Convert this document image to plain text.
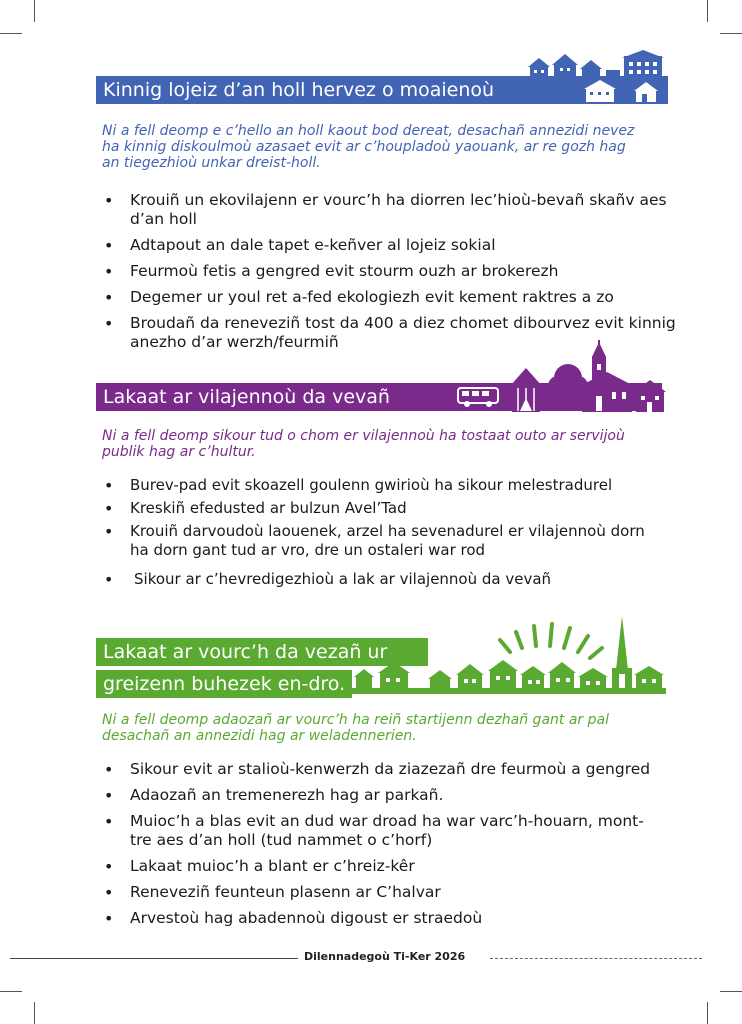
Kinnig lojeiz d’an holl hervez o moaienoù
Ni a fell deomp e c’hello an holl kaout bod dereat, desachañ annezidi nevez
ha kinnig diskoulmoù azasaet evit ar c’houpladoù yaouank, ar re gozh hag
an tiegezhioù unkar dreist-holl.
• Krouiñ un ekovilajenn er vourc’h ha diorren lec’hioù-bevañ skañv aes d’an holl
• Adtapout an dale tapet e-keñver al lojeiz sokial
• Feurmoù fetis a gengred evit stourm ouzh ar brokerezh
• Degemer ur youl ret a-fed ekologiezh evit kement raktres a zo
• Broudañ da reneveziñ tost da 400 a diez chomet dibourvez evit kinnig anezho d’ar werzh/feurmiñ
Lakaat ar vilajennoù da vevañ
Ni a fell deomp sikour tud o chom er vilajennoù ha tostaat outo ar servijoù
publik hag ar c’hultur.
• Burev-pad evit skoazell goulenn gwirioù ha sikour melestradurel
• Kreskiñ efedusted ar bulzun Avel’Tad
• Krouiñ darvoudoù laouenek, arzel ha sevenadurel er vilajennoù dorn ha dorn gant tud ar vro, dre un ostaleri war rod
• Sikour ar c’hevredigezhioù a lak ar vilajennoù da vevañ
Lakaat ar vourc’h da vezañ ur
greizenn buhezek en-dro.
Ni a fell deomp adaozañ ar vourc’h ha reiñ startijenn dezhañ gant ar pal
desachañ an annezidi hag ar weladennerien.
• Sikour evit ar stalioù-kenwerzh da ziazezañ dre feurmoù a gengred
• Adaozañ an tremenerezh hag ar parkañ.
• Muioc’h a blas evit an dud war droad ha war varc’h-houarn, mont-tre aes d’an holl (tud nammet o c’horf)
• Lakaat muioc’h a blant er c’hreiz-kêr
• Reneveziñ feunteun plasenn ar C’halvar
• Arvestoù hag abadennoù digoust er straedoù
Dilennadegoù Ti-Ker 2026
